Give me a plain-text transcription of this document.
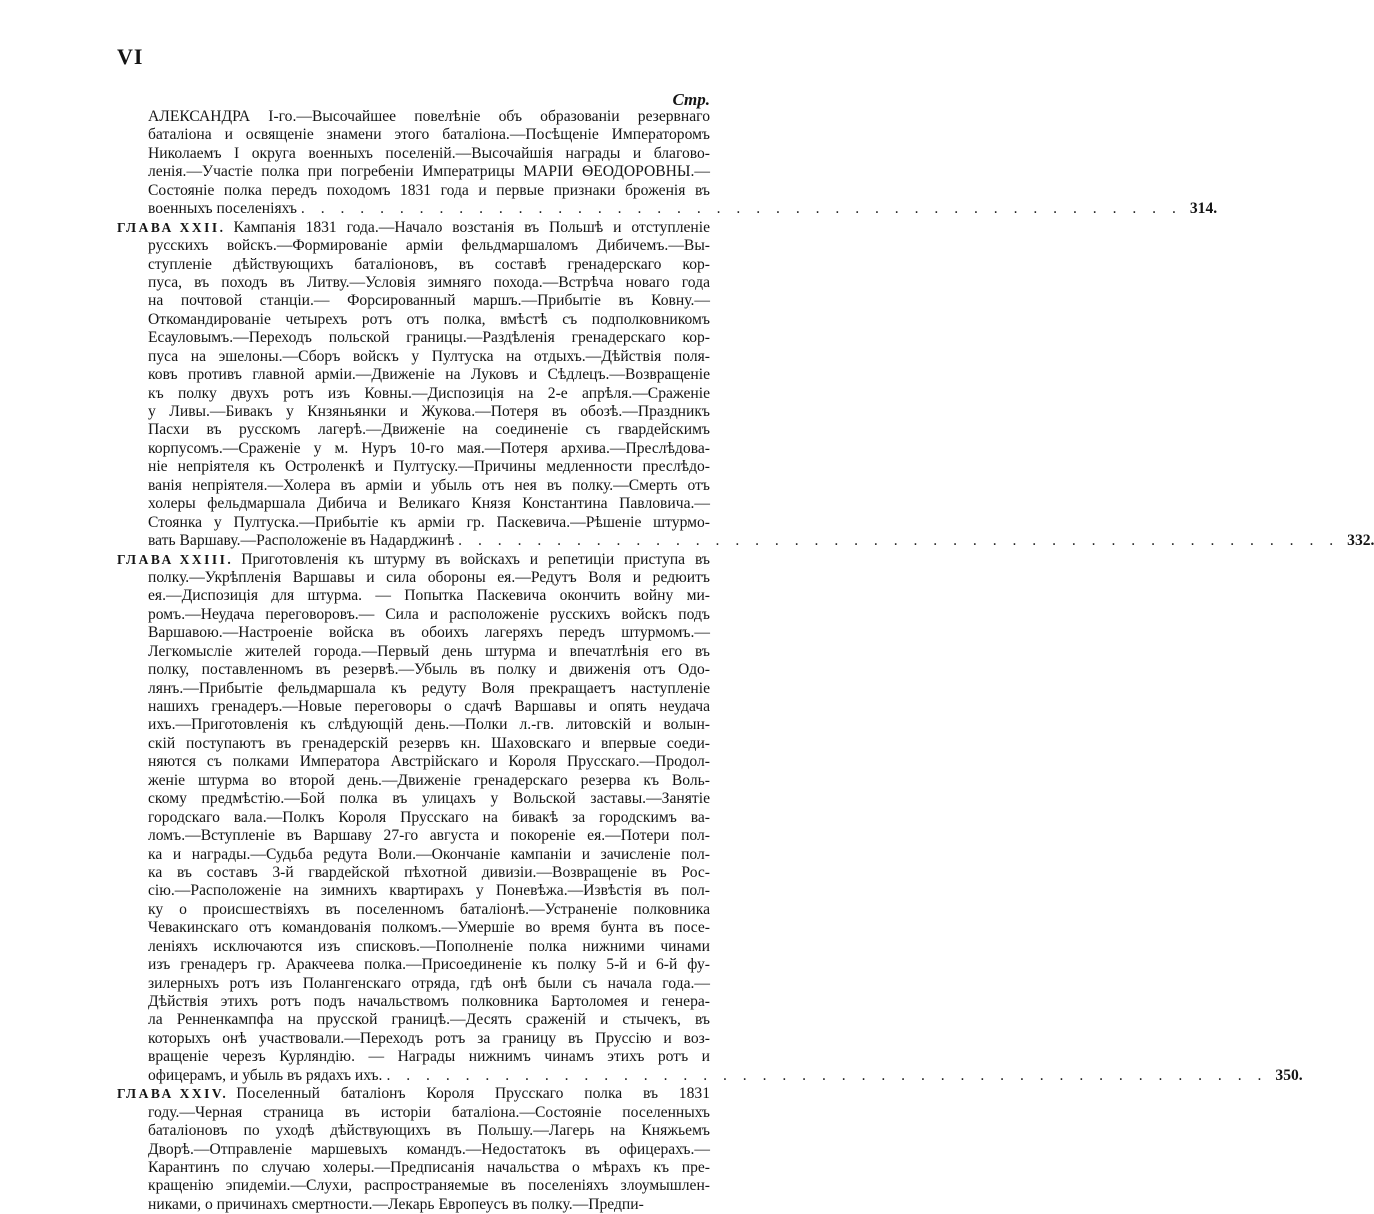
VI
Стр.
АЛЕКСАНДРА I-го.—Высочайшее повелѣніе объ образованіи резервнаго
баталіона и освященіе знамени этого баталіона.—Посѣщеніе Императоромъ
Николаемъ I округа военныхъ поселеній.—Высочайшія награды и благово-
ленія.—Участіе полка при погребеніи Императрицы МАРІИ ѲЕОДОРОВНЫ.—
Состояніе полка передъ походомъ 1831 года и первые признаки броженія въ
военныхъ поселеніяхъ . . . . . . . . . . . . . . . . . . . . . . . . . . . . . . . . . . . . . . . . . . . . . 314.
ГЛАВА XXII. Кампанія 1831 года.—Начало возстанія въ Польшѣ и отступленіе
русскихъ войскъ.—Формированіе арміи фельдмаршаломъ Дибичемъ.—Вы-
ступленіе дѣйствующихъ баталіоновъ, въ составѣ гренадерскаго кор-
пуса, въ походъ въ Литву.—Условія зимняго похода.—Встрѣча новаго года
на почтовой станціи.— Форсированный маршъ.—Прибытіе въ Ковну.—
Откомандированіе четырехъ ротъ отъ полка, вмѣстѣ съ подполковникомъ
Есауловымъ.—Переходъ польской границы.—Раздѣленія гренадерскаго кор-
пуса на эшелоны.—Сборъ войскъ у Пултуска на отдыхъ.—Дѣйствія поля-
ковъ противъ главной арміи.—Движеніе на Луковъ и Сѣдлецъ.—Возвращеніе
къ полку двухъ ротъ изъ Ковны.—Диспозиція на 2-е апрѣля.—Сраженіе
у Ливы.—Бивакъ у Кнзяньянки и Жукова.—Потеря въ обозѣ.—Праздникъ
Пасхи въ русскомъ лагерѣ.—Движеніе на соединеніе съ гвардейскимъ
корпусомъ.—Сраженіе у м. Нуръ 10-го мая.—Потеря архива.—Преслѣдова-
ніе непріятеля къ Остроленкѣ и Пултуску.—Причины медленности преслѣдо-
ванія непріятеля.—Холера въ арміи и убыль отъ нея въ полку.—Смерть отъ
холеры фельдмаршала Дибича и Великаго Князя Константина Павловича.—
Стоянка у Пултуска.—Прибытіе къ арміи гр. Паскевича.—Рѣшеніе штурмо-
вать Варшаву.—Расположеніе въ Надарджинѣ . . . . . . . . . . . . . . . . . . . . . . . . . . . . . . . . . . . . . . . . . . . . . 332.
ГЛАВА XXIII. Приготовленія къ штурму въ войскахъ и репетиціи приступа въ
полку.—Укрѣпленія Варшавы и сила обороны ея.—Редутъ Воля и редюитъ
ея.—Диспозиція для штурма. — Попытка Паскевича окончить войну ми-
ромъ.—Неудача переговоровъ.— Сила и расположеніе русскихъ войскъ подъ
Варшавою.—Настроеніе войска въ обоихъ лагеряхъ передъ штурмомъ.—
Легкомысліе жителей города.—Первый день штурма и впечатлѣнія его въ
полку, поставленномъ въ резервѣ.—Убыль въ полку и движенія отъ Одо-
лянъ.—Прибытіе фельдмаршала къ редуту Воля прекращаетъ наступленіе
нашихъ гренадеръ.—Новые переговоры о сдачѣ Варшавы и опять неудача
ихъ.—Приготовленія къ слѣдующій день.—Полки л.-гв. литовскій и волын-
скій поступаютъ въ гренадерскій резервъ кн. Шаховскаго и впервые соеди-
няются съ полками Императора Австрійскаго и Короля Прусскаго.—Продол-
женіе штурма во второй день.—Движеніе гренадерскаго резерва къ Воль-
скому предмѣстію.—Бой полка въ улицахъ у Вольской заставы.—Занятіе
городскаго вала.—Полкъ Короля Прусскаго на бивакѣ за городскимъ ва-
ломъ.—Вступленіе въ Варшаву 27-го августа и покореніе ея.—Потери пол-
ка и награды.—Судьба редута Воли.—Окончаніе кампаніи и зачисленіе пол-
ка въ составъ 3-й гвардейской пѣхотной дивизіи.—Возвращеніе въ Рос-
сію.—Расположеніе на зимнихъ квартирахъ у Поневѣжа.—Извѣстія въ пол-
ку о происшествіяхъ въ поселенномъ баталіонѣ.—Устраненіе полковника
Чевакинскаго отъ командованія полкомъ.—Умершіе во время бунта въ посе-
леніяхъ исключаются изъ списковъ.—Пополненіе полка нижними чинами
изъ гренадеръ гр. Аракчеева полка.—Присоединеніе къ полку 5-й и 6-й фу-
зилерныхъ ротъ изъ Полангенскаго отряда, гдѣ онѣ были съ начала года.—
Дѣйствія этихъ ротъ подъ начальствомъ полковника Бартоломея и генера-
ла Ренненкампфа на прусской границѣ.—Десять сраженій и стычекъ, въ
которыхъ онѣ участвовали.—Переходъ ротъ за границу въ Пруссію и воз-
вращеніе черезъ Курляндію. — Награды нижнимъ чинамъ этихъ ротъ и
офицерамъ, и убыль въ рядахъ ихъ. . . . . . . . . . . . . . . . . . . . . . . . . . . . . . . . . . . . . . . . . . . . . . 350.
ГЛАВА XXIV. Поселенный баталіонъ Короля Прусскаго полка въ 1831
году.—Черная страница въ исторіи баталіона.—Состояніе поселенныхъ
баталіоновъ по уходѣ дѣйствующихъ въ Польшу.—Лагерь на Княжьемъ
Дворѣ.—Отправленіе маршевыхъ командъ.—Недостатокъ въ офицерахъ.—
Карантинъ по случаю холеры.—Предписанія начальства о мѣрахъ къ пре-
кращенію эпидеміи.—Слухи, распространяемые въ поселеніяхъ злоумышлен-
никами, о причинахъ смертности.—Лекарь Европеусъ въ полку.—Предпи-
